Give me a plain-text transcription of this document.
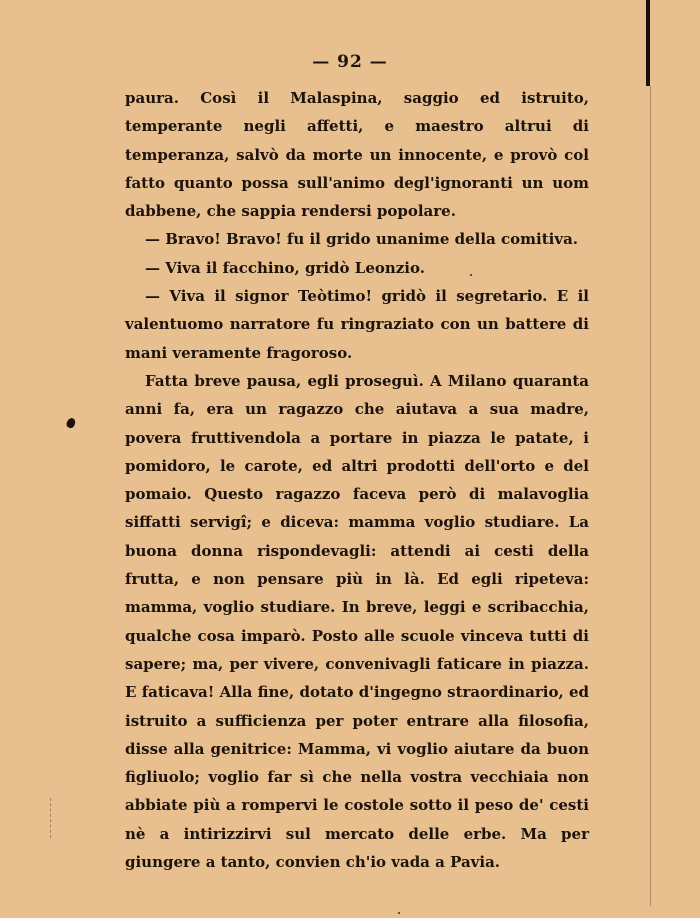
— 92 —

paura. Così il Malaspina, saggio ed istruito, temperante negli affetti, e maestro altrui di temperanza, salvò da morte un innocente, e provò col fatto quanto possa sull'animo degl'ignoranti un uom dabbene, che sappia rendersi popolare.

— Bravo! Bravo! fu il grido unanime della comitiva.

— Viva il facchino, gridò Leonzio.

— Viva il signor Teòtimo! gridò il segretario. E il valentuomo narratore fu ringraziato con un battere di mani veramente fragoroso.

Fatta breve pausa, egli proseguì. A Milano quaranta anni fa, era un ragazzo che aiutava a sua madre, povera fruttivendola a portare in piazza le patate, i pomidoro, le carote, ed altri prodotti dell'orto e del pomaio. Questo ragazzo faceva però di malavoglia siffatti servigî; e diceva: mamma voglio studiare. La buona donna rispondevagli: attendi ai cesti della frutta, e non pensare più in là. Ed egli ripeteva: mamma, voglio studiare. In breve, leggi e scribacchia, qualche cosa imparò. Posto alle scuole vinceva tutti di sapere; ma, per vivere, convenivagli faticare in piazza. E faticava! Alla fine, dotato d'ingegno straordinario, ed istruito a sufficienza per poter entrare alla filosofia, disse alla genitrice: Mamma, vi voglio aiutare da buon figliuolo; voglio far sì che nella vostra vecchiaia non abbiate più a rompervi le costole sotto il peso de' cesti nè a intirizzirvi sul mercato delle erbe. Ma per giungere a tanto, convien ch'io vada a Pavia.
